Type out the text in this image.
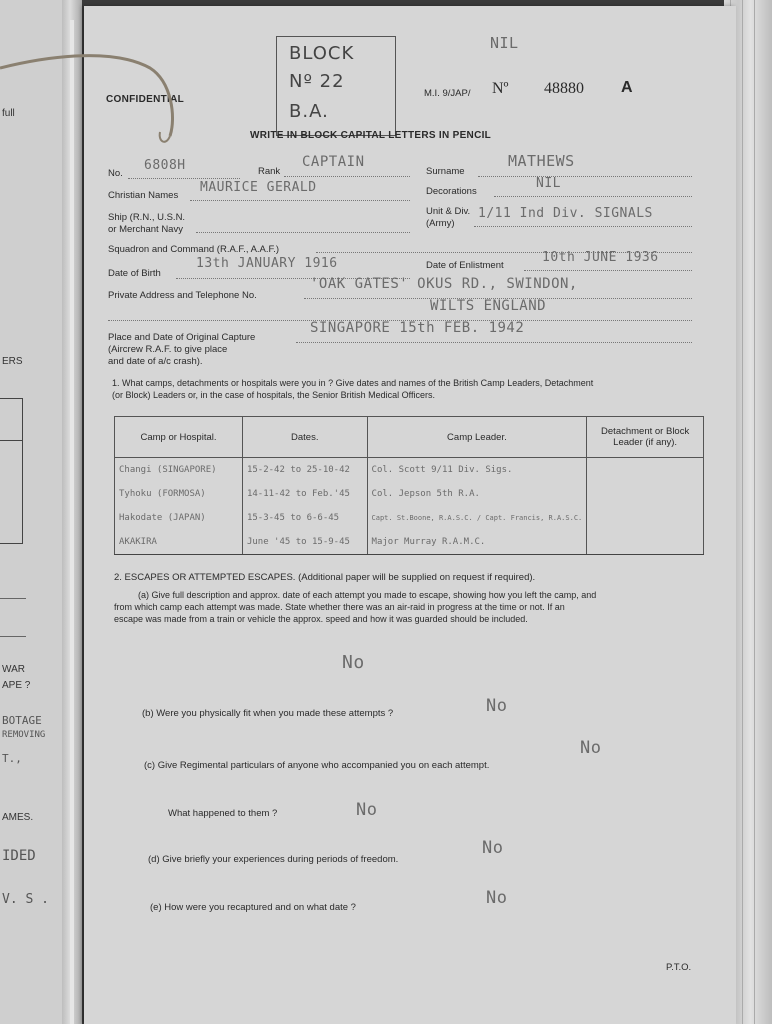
full
ERS
WAR
APE ?
BOTAGE
REMOVING
T.,
AMES.
IDED
V. S .
CONFIDENTIAL
BLOCK
Nº 22
B.A.
NIL
M.I. 9/JAP/ Nº 48880 A
WRITE IN BLOCK CAPITAL LETTERS IN PENCIL
No.
6808H	Rank
CAPTAIN
Surname
MATHEWS
Christian Names
MAURICE GERALD	Decorations
NIL
Ship (R.N., U.S.N.
or Merchant Navy
Unit & Div.
(Army)
1/11 Ind Div. SIGNALS
Squadron and Command (R.A.F., A.A.F.)
Date of Birth
13th JANUARY 1916	Date of Enlistment
10th JUNE 1936
Private Address and Telephone No.
'OAK GATES' OKUS RD., SWINDON,
WILTS ENGLAND
Place and Date of Original Capture
(Aircrew R.A.F. to give place
and date of a/c crash).
SINGAPORE 15th FEB. 1942
1. What camps, detachments or hospitals were you in ? Give dates and names of the British Camp Leaders, Detachment
(or Block) Leaders or, in the case of hospitals, the Senior British Medical Officers.
Camp or Hospital.	Dates.	Camp Leader.	Detachment or Block Leader (if any).
Changi (SINGAPORE)	15-2-42 to 25-10-42	Col. Scott 9/11 Div. Sigs.	
Tyhoku (FORMOSA)	14-11-42 to Feb.'45	Col. Jepson 5th R.A.	
Hakodate (JAPAN)	15-3-45 to 6-6-45	Capt. St.Boone, R.A.S.C. / Capt. Francis, R.A.S.C.	
AKAKIRA	June '45 to 15-9-45	Major Murray R.A.M.C.	
2. ESCAPES OR ATTEMPTED ESCAPES. (Additional paper will be supplied on request if required).
(a) Give full description and approx. date of each attempt you made to escape, showing how you left the camp, and
from which camp each attempt was made. State whether there was an air-raid in progress at the time or not. If an
escape was made from a train or vehicle the approx. speed and how it was guarded should be included.
No
(b) Were you physically fit when you made these attempts ?	No
(c) Give Regimental particulars of anyone who accompanied you on each attempt.
No
What happened to them ?	No
(d) Give briefly your experiences during periods of freedom.
No
(e) How were you recaptured and on what date ?	No
P.T.O.
